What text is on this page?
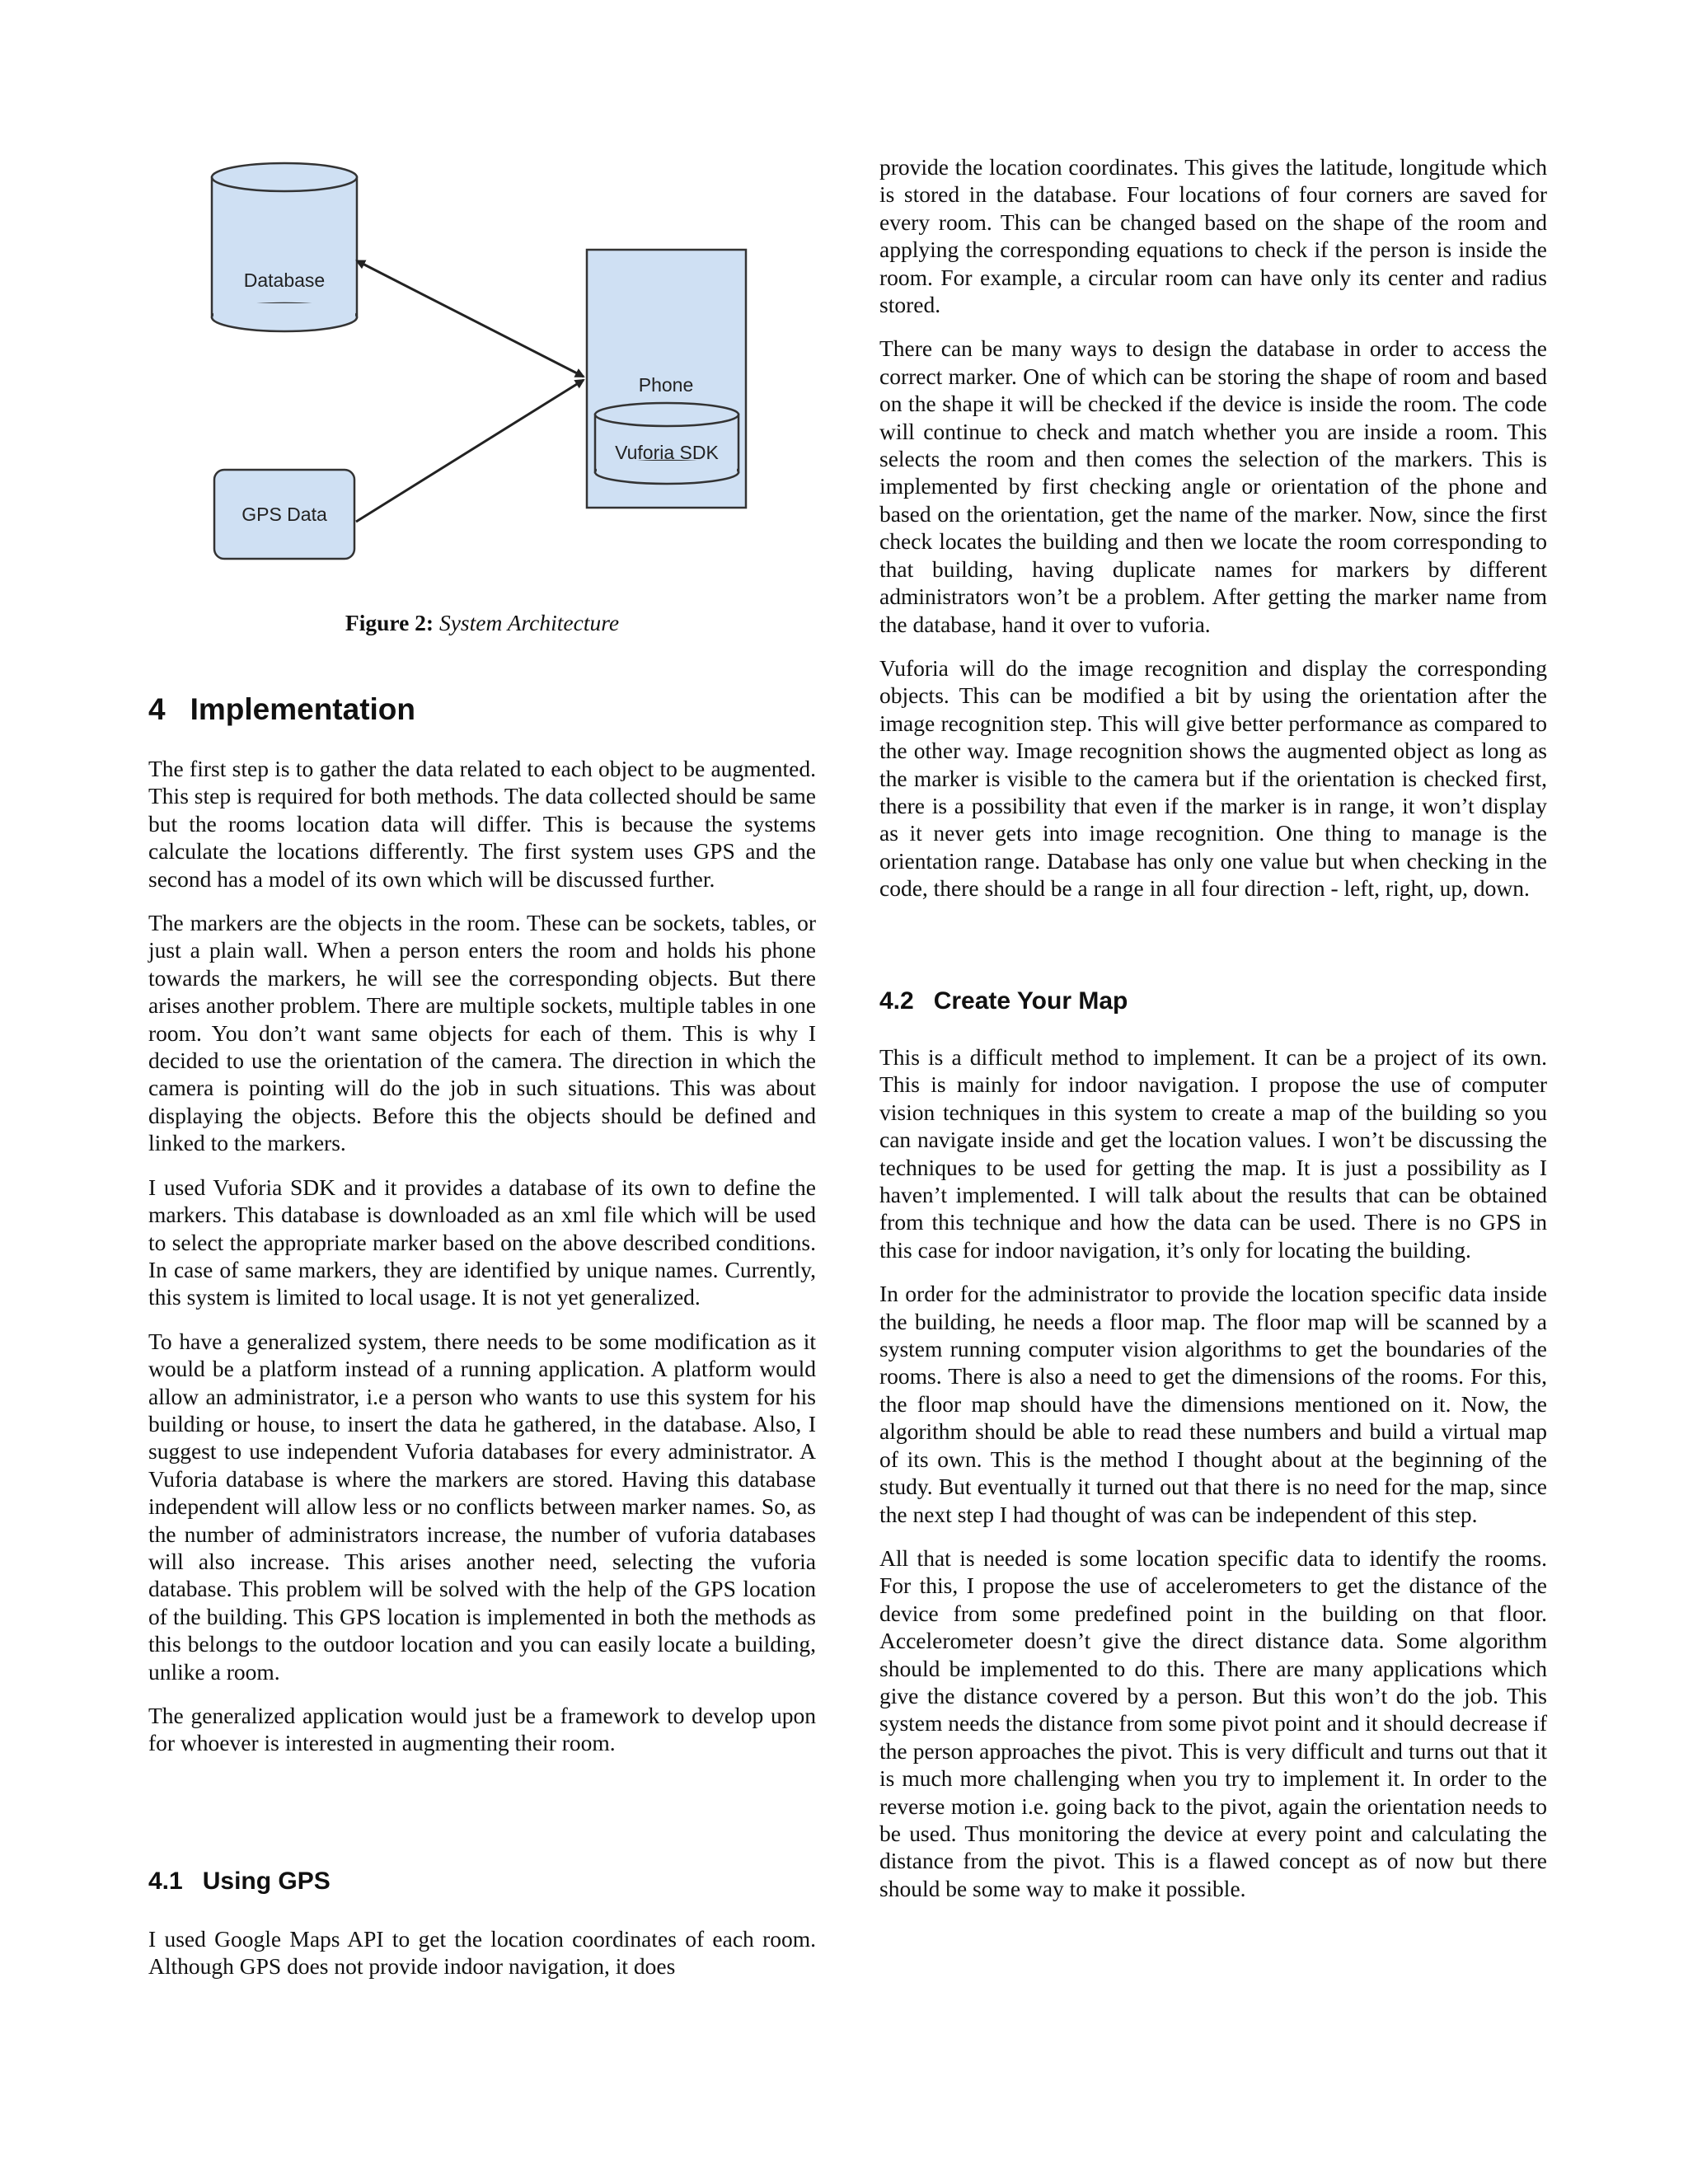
Database
Phone
Vuforia SDK
GPS Data
Figure 2: System Architecture
4 Implementation

The first step is to gather the data related to each object to be augmented. This step is required for both methods. The data collected should be same but the rooms location data will differ. This is because the systems calculate the locations differently. The first system uses GPS and the second has a model of its own which will be discussed further.

The markers are the objects in the room. These can be sockets, tables, or just a plain wall. When a person enters the room and holds his phone towards the markers, he will see the corresponding objects. But there arises another problem. There are multiple sockets, multiple tables in one room. You don’t want same objects for each of them. This is why I decided to use the orientation of the camera. The direction in which the camera is pointing will do the job in such situations. This was about displaying the objects. Before this the objects should be defined and linked to the markers.

I used Vuforia SDK and it provides a database of its own to define the markers. This database is downloaded as an xml file which will be used to select the appropriate marker based on the above described conditions. In case of same markers, they are identified by unique names. Currently, this system is limited to local usage. It is not yet generalized.

To have a generalized system, there needs to be some modification as it would be a platform instead of a running application. A platform would allow an administrator, i.e a person who wants to use this system for his building or house, to insert the data he gathered, in the database. Also, I suggest to use independent Vuforia databases for every administrator. A Vuforia database is where the markers are stored. Having this database independent will allow less or no conflicts between marker names. So, as the number of administrators increase, the number of vuforia databases will also increase. This arises another need, selecting the vuforia database. This problem will be solved with the help of the GPS location of the building. This GPS location is implemented in both the methods as this belongs to the outdoor location and you can easily locate a building, unlike a room.

The generalized application would just be a framework to develop upon for whoever is interested in augmenting their room.

4.1 Using GPS

I used Google Maps API to get the location coordinates of each room. Although GPS does not provide indoor navigation, it does

provide the location coordinates. This gives the latitude, longitude which is stored in the database. Four locations of four corners are saved for every room. This can be changed based on the shape of the room and applying the corresponding equations to check if the person is inside the room. For example, a circular room can have only its center and radius stored.

There can be many ways to design the database in order to access the correct marker. One of which can be storing the shape of room and based on the shape it will be checked if the device is inside the room. The code will continue to check and match whether you are inside a room. This selects the room and then comes the selection of the markers. This is implemented by first checking angle or orientation of the phone and based on the orientation, get the name of the marker. Now, since the first check locates the building and then we locate the room corresponding to that building, having duplicate names for markers by different administrators won’t be a problem. After getting the marker name from the database, hand it over to vuforia.

Vuforia will do the image recognition and display the corresponding objects. This can be modified a bit by using the orientation after the image recognition step. This will give better performance as compared to the other way. Image recognition shows the augmented object as long as the marker is visible to the camera but if the orientation is checked first, there is a possibility that even if the marker is in range, it won’t display as it never gets into image recognition. One thing to manage is the orientation range. Database has only one value but when checking in the code, there should be a range in all four direction - left, right, up, down.

4.2 Create Your Map

This is a difficult method to implement. It can be a project of its own. This is mainly for indoor navigation. I propose the use of computer vision techniques in this system to create a map of the building so you can navigate inside and get the location values. I won’t be discussing the techniques to be used for getting the map. It is just a possibility as I haven’t implemented. I will talk about the results that can be obtained from this technique and how the data can be used. There is no GPS in this case for indoor navigation, it’s only for locating the building.

In order for the administrator to provide the location specific data inside the building, he needs a floor map. The floor map will be scanned by a system running computer vision algorithms to get the boundaries of the rooms. There is also a need to get the dimensions of the rooms. For this, the floor map should have the dimensions mentioned on it. Now, the algorithm should be able to read these numbers and build a virtual map of its own. This is the method I thought about at the beginning of the study. But eventually it turned out that there is no need for the map, since the next step I had thought of was can be independent of this step.

All that is needed is some location specific data to identify the rooms. For this, I propose the use of accelerometers to get the distance of the device from some predefined point in the building on that floor. Accelerometer doesn’t give the direct distance data. Some algorithm should be implemented to do this. There are many applications which give the distance covered by a person. But this won’t do the job. This system needs the distance from some pivot point and it should decrease if the person approaches the pivot. This is very difficult and turns out that it is much more challenging when you try to implement it. In order to the reverse motion i.e. going back to the pivot, again the orientation needs to be used. Thus monitoring the device at every point and calculating the distance from the pivot. This is a flawed concept as of now but there should be some way to make it possible.
